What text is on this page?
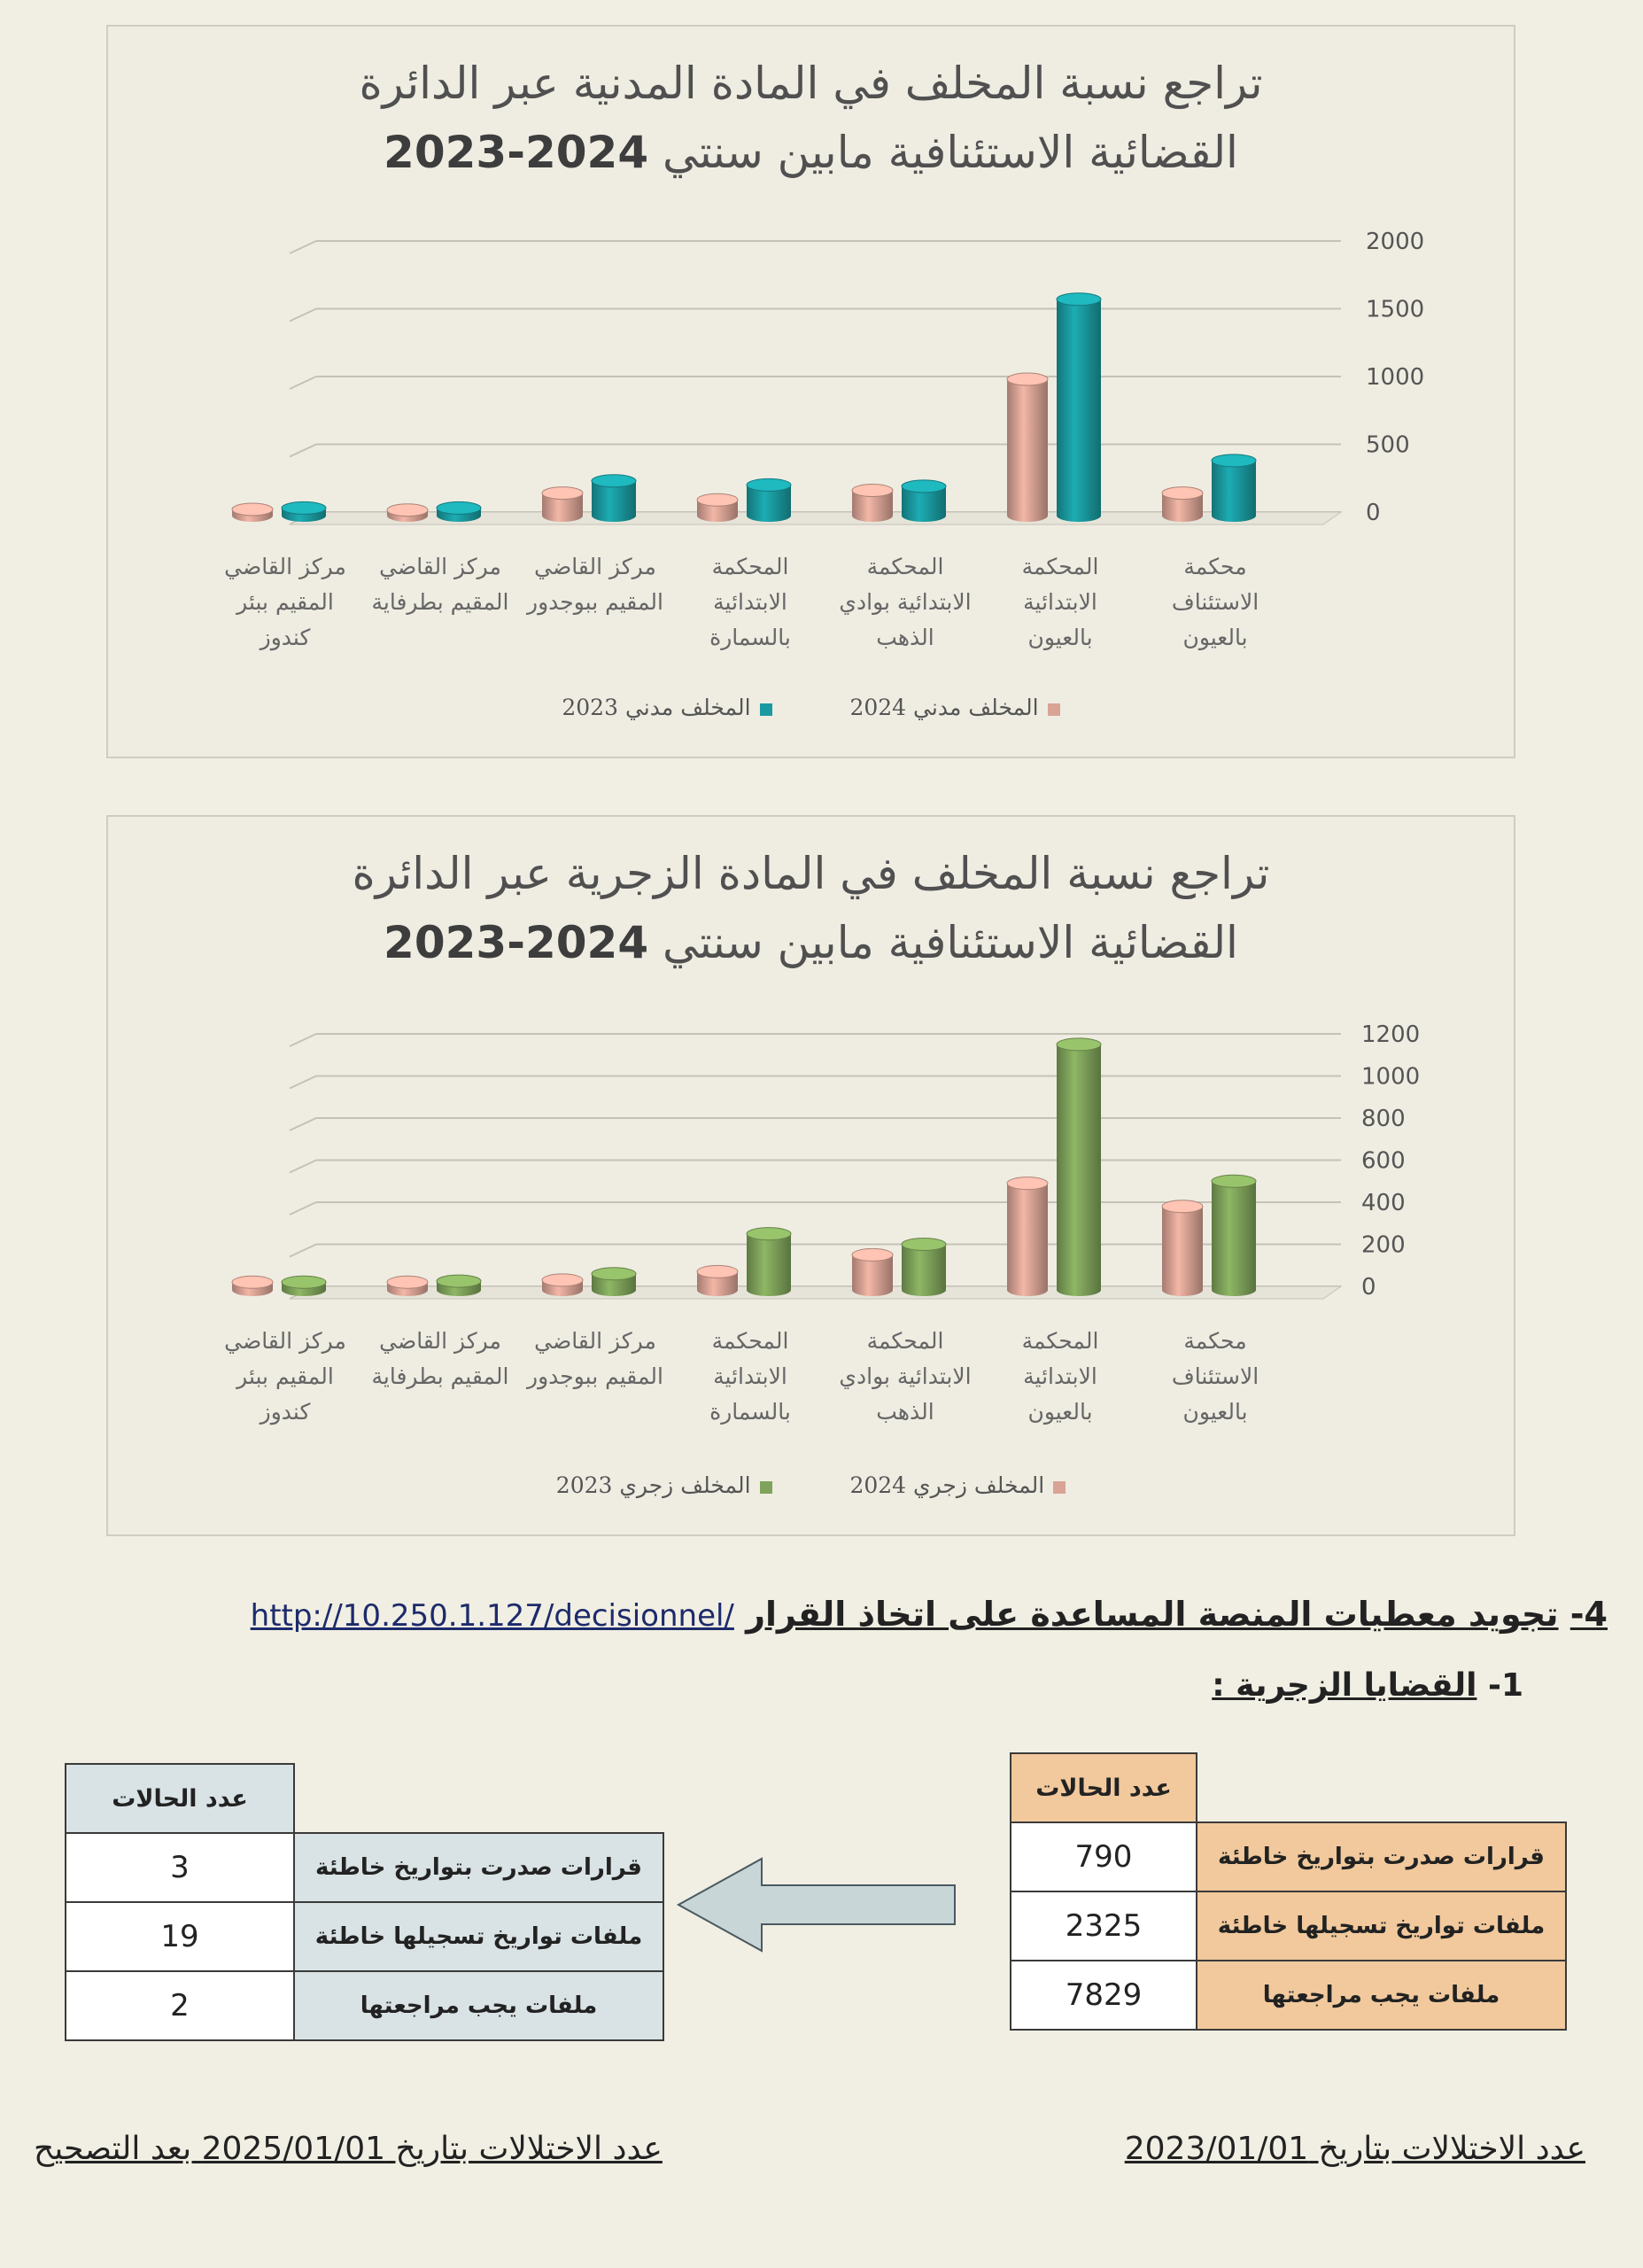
تراجع نسبة المخلف في المادة المدنية عبر الدائرة
القضائية الاستئنافية مابين سنتي 2023-2024
0
500
1000
1500
2000
محكمة
الاستئناف
بالعيون
المحكمة
الابتدائية
بالعيون
المحكمة
الابتدائية بوادي
الذهب
المحكمة
الابتدائية
بالسمارة
مركز القاضي
المقيم ببوجدور
مركز القاضي
المقيم بطرفاية
مركز القاضي
المقيم ببئر
كندوز
المخلف مدني 2024 المخلف مدني 2023
تراجع نسبة المخلف في المادة الزجرية عبر الدائرة
القضائية الاستئنافية مابين سنتي 2023-2024
0
200
400
600
800
1000
1200
محكمة
الاستئناف
بالعيون
المحكمة
الابتدائية
بالعيون
المحكمة
الابتدائية بوادي
الذهب
المحكمة
الابتدائية
بالسمارة
مركز القاضي
المقيم ببوجدور
مركز القاضي
المقيم بطرفاية
مركز القاضي
المقيم ببئر
كندوز
المخلف زجري 2024 المخلف زجري 2023
4- تجويد معطيات المنصة المساعدة على اتخاذ القرار http://10.250.1.127/decisionnel/
1- القضايا الزجرية :
عدد الحالات	
790	قرارات صدرت بتواريخ خاطئة
2325	ملفات تواريخ تسجيلها خاطئة
7829	ملفات يجب مراجعتها
عدد الحالات	
3	قرارات صدرت بتواريخ خاطئة
19	ملفات تواريخ تسجيلها خاطئة
2	ملفات يجب مراجعتها
عدد الاختلالات بتاريخ 2023/01/01
عدد الاختلالات بتاريخ 2025/01/01 بعد التصحيح
